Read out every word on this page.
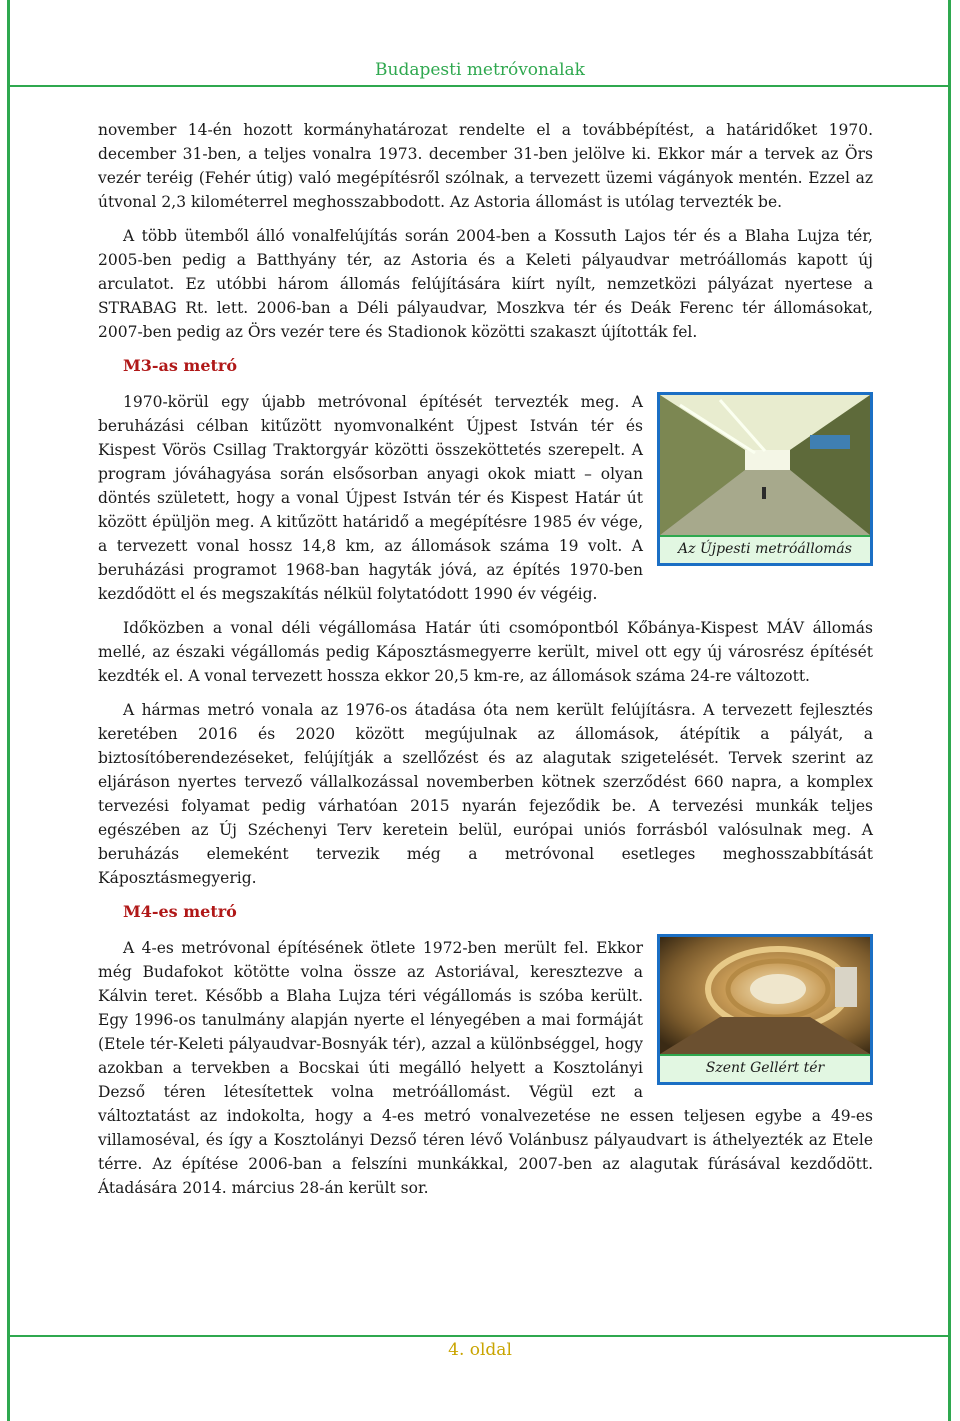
Budapesti metróvonalak

november 14-én hozott kormányhatározat rendelte el a továbbépítést, a határidőket 1970. december 31-ben, a teljes vonalra 1973. december 31-ben jelölve ki. Ekkor már a tervek az Örs vezér teréig (Fehér útig) való megépítésről szólnak, a tervezett üzemi vágányok mentén. Ezzel az útvonal 2,3 kilométerrel meghosszabbodott. Az Astoria állomást is utólag tervezték be.

A több ütemből álló vonalfelújítás során 2004-ben a Kossuth Lajos tér és a Blaha Lujza tér, 2005-ben pedig a Batthyány tér, az Astoria és a Keleti pályaudvar metróállomás kapott új arculatot. Ez utóbbi három állomás felújítására kiírt nyílt, nemzetközi pályázat nyertese a STRABAG Rt. lett. 2006-ban a Déli pályaudvar, Moszkva tér és Deák Ferenc tér állomásokat, 2007-ben pedig az Örs vezér tere és Stadionok közötti szakaszt újították fel.

M3-as metró
Az Újpesti metróállomás

1970-körül egy újabb metróvonal építését tervezték meg. A beruházási célban kitűzött nyomvonalként Újpest István tér és Kispest Vörös Csillag Traktorgyár közötti összeköttetés szerepelt. A program jóváhagyása során elsősorban anyagi okok miatt – olyan döntés született, hogy a vonal Újpest István tér és Kispest Határ út között épüljön meg. A kitűzött határidő a megépítésre 1985 év vége, a tervezett vonal hossz 14,8 km, az állomások száma 19 volt. A beruházási programot 1968-ban hagyták jóvá, az építés 1970-ben kezdődött el és megszakítás nélkül folytatódott 1990 év végéig.

Időközben a vonal déli végállomása Határ úti csomópontból Kőbánya-Kispest MÁV állomás mellé, az északi végállomás pedig Káposztásmegyerre került, mivel ott egy új városrész építését kezdték el. A vonal tervezett hossza ekkor 20,5 km-re, az állomások száma 24-re változott.

A hármas metró vonala az 1976-os átadása óta nem került felújításra. A tervezett fejlesztés keretében 2016 és 2020 között megújulnak az állomások, átépítik a pályát, a biztosítóberendezéseket, felújítják a szellőzést és az alagutak szigetelését. Tervek szerint az eljáráson nyertes tervező vállalkozással novemberben kötnek szerződést 660 napra, a komplex tervezési folyamat pedig várhatóan 2015 nyarán fejeződik be. A tervezési munkák teljes egészében az Új Széchenyi Terv keretein belül, európai uniós forrásból valósulnak meg. A beruházás elemeként tervezik még a metróvonal esetleges meghosszabbítását Káposztásmegyerig.

M4-es metró
Szent Gellért tér

A 4-es metróvonal építésének ötlete 1972-ben merült fel. Ekkor még Budafokot kötötte volna össze az Astoriával, keresztezve a Kálvin teret. Később a Blaha Lujza téri végállomás is szóba került. Egy 1996-os tanulmány alapján nyerte el lényegében a mai formáját (Etele tér-Keleti pályaudvar-Bosnyák tér), azzal a különbséggel, hogy azokban a tervekben a Bocskai úti megálló helyett a Kosztolányi Dezső téren létesítettek volna metróállomást. Végül ezt a változtatást az indokolta, hogy a 4-es metró vonalvezetése ne essen teljesen egybe a 49-es villamoséval, és így a Kosztolányi Dezső téren lévő Volánbusz pályaudvart is áthelyezték az Etele térre. Az építése 2006-ban a felszíni munkákkal, 2007-ben az alagutak fúrásával kezdődött. Átadására 2014. március 28-án került sor.

4. oldal
